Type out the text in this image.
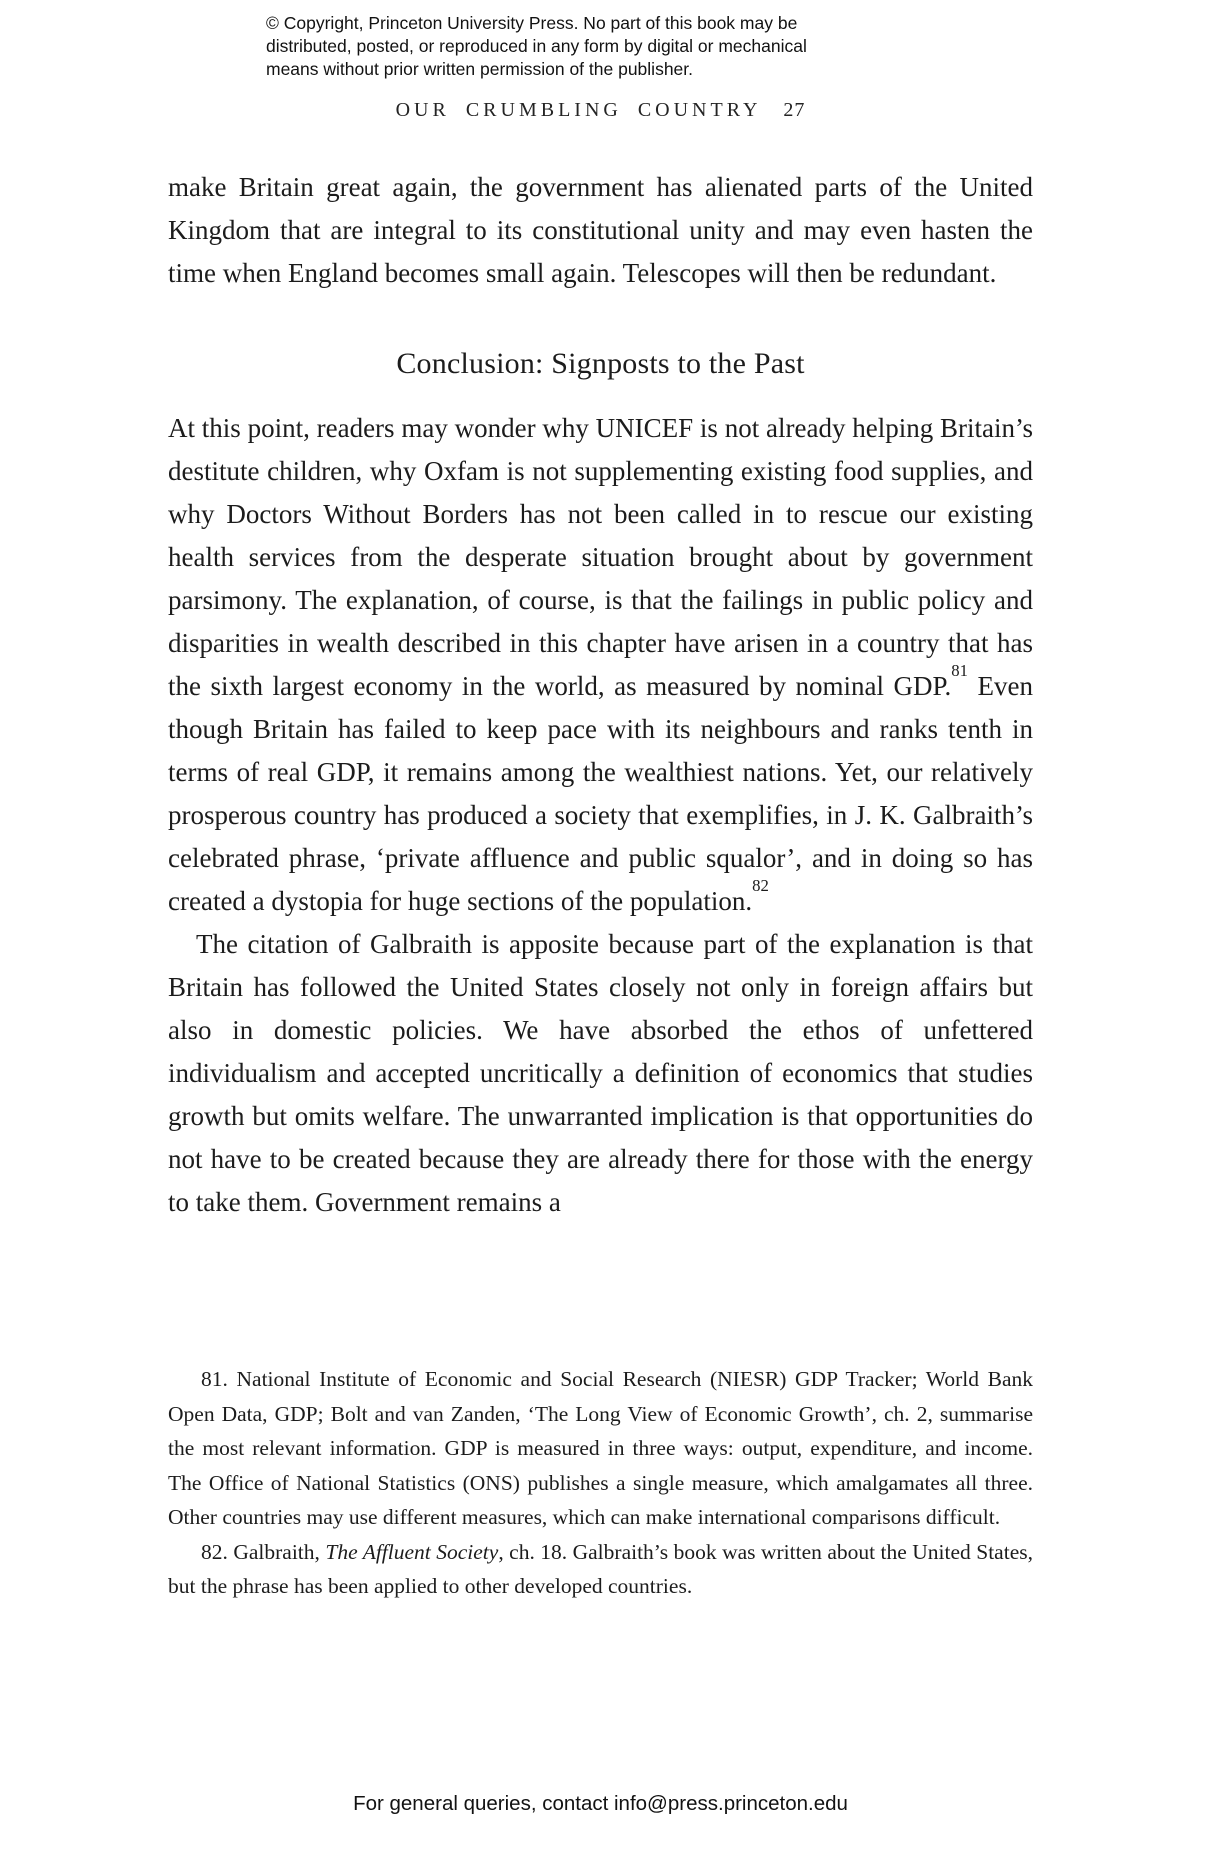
© Copyright, Princeton University Press. No part of this book may be
distributed, posted, or reproduced in any form by digital or mechanical
means without prior written permission of the publisher.
OUR CRUMBLING COUNTRY 27

make Britain great again, the government has alienated parts of the United Kingdom that are integral to its constitutional unity and may even hasten the time when England becomes small again. Telescopes will then be redundant.

Conclusion: Signposts to the Past

At this point, readers may wonder why UNICEF is not already helping Britain’s destitute children, why Oxfam is not supplementing existing food supplies, and why Doctors Without Borders has not been called in to rescue our existing health services from the desperate situation brought about by government parsimony. The explanation, of course, is that the failings in public policy and disparities in wealth described in this chapter have arisen in a country that has the sixth largest economy in the world, as measured by nominal GDP.$^{81}$ Even though Britain has failed to keep pace with its neighbours and ranks tenth in terms of real GDP, it remains among the wealthiest nations. Yet, our relatively prosperous country has produced a society that exemplifies, in J. K. Galbraith’s celebrated phrase, ‘private affluence and public squalor’, and in doing so has created a dystopia for huge sections of the population.$^{82}$

The citation of Galbraith is apposite because part of the explanation is that Britain has followed the United States closely not only in foreign affairs but also in domestic policies. We have absorbed the ethos of unfettered individualism and accepted uncritically a definition of economics that studies growth but omits welfare. The unwarranted implication is that opportunities do not have to be created because they are already there for those with the energy to take them. Government remains a

81. National Institute of Economic and Social Research (NIESR) GDP Tracker; World Bank Open Data, GDP; Bolt and van Zanden, ‘The Long View of Economic Growth’, ch. 2, summarise the most relevant information. GDP is measured in three ways: output, expenditure, and income. The Office of National Statistics (ONS) publishes a single measure, which amalgamates all three. Other countries may use different measures, which can make international comparisons difficult.

82. Galbraith, The Affluent Society, ch. 18. Galbraith’s book was written about the United States, but the phrase has been applied to other developed countries.

For general queries, contact info@press.princeton.edu
